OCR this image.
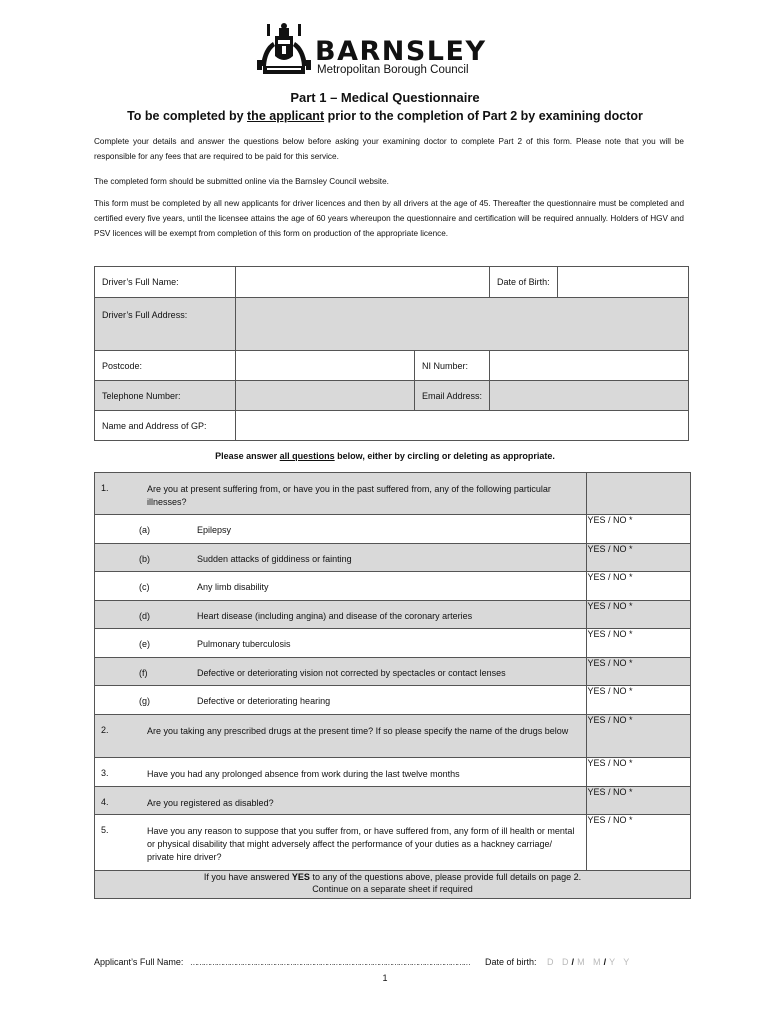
BARNSLEY
Metropolitan Borough Council
Part 1 – Medical Questionnaire
To be completed by the applicant prior to the completion of Part 2 by examining doctor
Complete your details and answer the questions below before asking your examining doctor to complete Part 2 of this form. Please note that you will be responsible for any fees that are required to be paid for this service.
The completed form should be submitted online via the Barnsley Council website.
This form must be completed by all new applicants for driver licences and then by all drivers at the age of 45. Thereafter the questionnaire must be completed and certified every five years, until the licensee attains the age of 60 years whereupon the questionnaire and certification will be required annually. Holders of HGV and PSV licences will be exempt from completion of this form on production of the appropriate licence.
Driver’s Full Name:			Date of Birth:	
Driver’s Full Address:				
Postcode:		NI Number:		
Telephone Number:		Email Address:		
Name and Address of GP:				
Please answer all questions below, either by circling or deleting as appropriate.
1. Are you at present suffering from, or have you in the past suffered from, any of the following particular illnesses?	

(a) Epilepsy	YES / NO *

(b) Sudden attacks of giddiness or fainting	YES / NO *

(c) Any limb disability	YES / NO *

(d) Heart disease (including angina) and disease of the coronary arteries	YES / NO *

(e) Pulmonary tuberculosis	YES / NO *

(f) Defective or deteriorating vision not corrected by spectacles or contact lenses	YES / NO *

(g) Defective or deteriorating hearing	YES / NO *

2. Are you taking any prescribed drugs at the present time? If so please specify the name of the drugs below	YES / NO *

3. Have you had any prolonged absence from work during the last twelve months	YES / NO *

4. Are you registered as disabled?	YES / NO *

5. Have you any reason to suppose that you suffer from, or have suffered from, any form of ill health or mental or physical disability that might adversely affect the performance of your duties as a hackney carriage/ private hire driver?	YES / NO *

If you have answered YES to any of the questions above, please provide full details on page 2.
Continue on a separate sheet if required	
Applicant’s Full Name: ………………………………………………………………………………………………………………… Date of birth: D D/M M/Y Y
1
